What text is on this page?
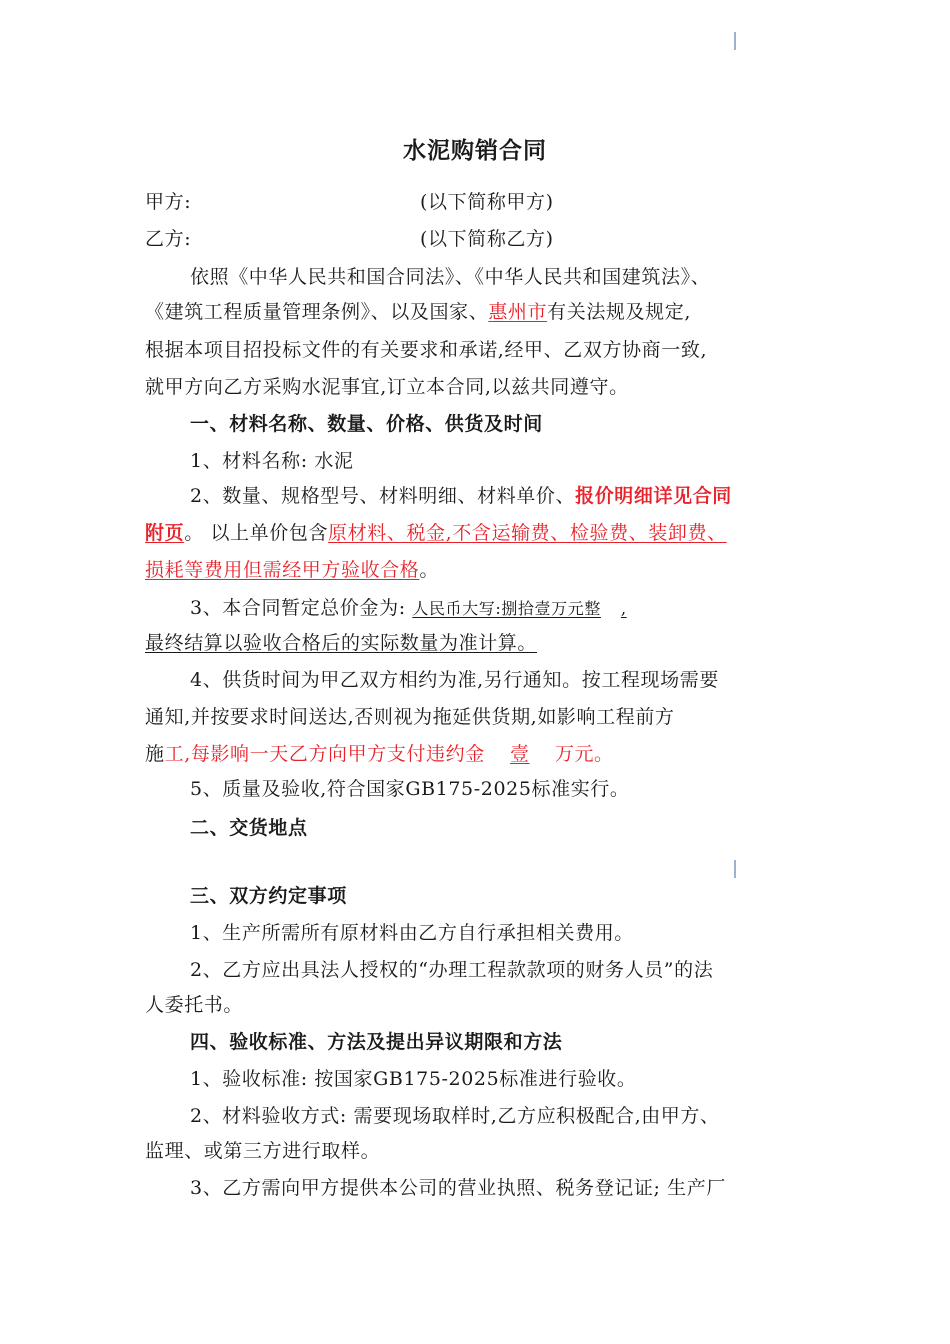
水泥购销合同
甲方:	(以下简称甲方)
乙方:	(以下简称乙方)
依照《中华人民共和国合同法》、《中华人民共和国建筑法》、
《建筑工程质量管理条例》、以及国家、惠州市有关法规及规定,
根据本项目招投标文件的有关要求和承诺,经甲、乙双方协商一致,
就甲方向乙方采购水泥事宜,订立本合同,以兹共同遵守。
一、材料名称、数量、价格、供货及时间
1、材料名称: 水泥
2、数量、规格型号、材料明细、材料单价、报价明细详见合同
附页。 以上单价包含原材料、税金,不含运输费、检验费、装卸费、
损耗等费用但需经甲方验收合格。
3、本合同暂定总价金为: 人民币大写:捌拾壹万元整 ,
最终结算以验收合格后的实际数量为准计算。
4、供货时间为甲乙双方相约为准,另行通知。按工程现场需要
通知,并按要求时间送达,否则视为拖延供货期,如影响工程前方
施工,每影响一天乙方向甲方支付违约金 壹 万元。
5、质量及验收,符合国家GB175-2025标准实行。
二、交货地点
三、双方约定事项
1、生产所需所有原材料由乙方自行承担相关费用。
2、乙方应出具法人授权的“办理工程款款项的财务人员”的法
人委托书。
四、验收标准、方法及提出异议期限和方法
1、验收标准: 按国家GB175-2025标准进行验收。
2、材料验收方式: 需要现场取样时,乙方应积极配合,由甲方、
监理、或第三方进行取样。
3、乙方需向甲方提供本公司的营业执照、税务登记证; 生产厂
